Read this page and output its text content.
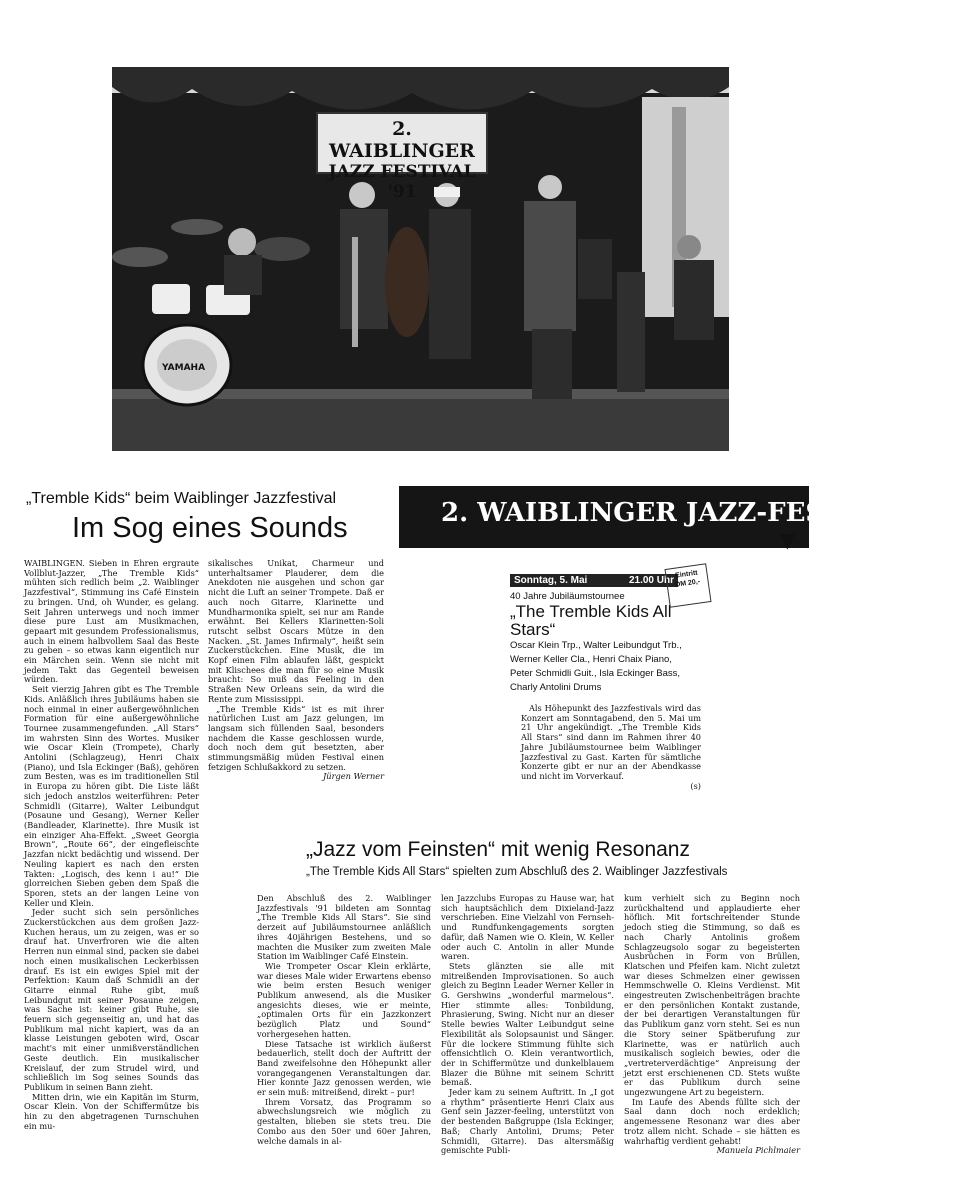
YAMAHA
2. WAIBLINGER
JAZZ FESTIVAL '91
„Tremble Kids“ beim Waiblinger Jazzfestival
Im Sog eines Sounds

WAIBLINGEN. Sieben in Ehren ergraute Vollblut-Jazzer, „The Tremble Kids“ mühten sich redlich beim „2. Waiblinger Jazzfestival“, Stimmung ins Café Einstein zu bringen. Und, oh Wunder, es gelang. Seit Jahren unterwegs und noch immer diese pure Lust am Musikmachen, gepaart mit gesundem Professionalismus, auch in einem halbvollem Saal das Beste zu geben – so etwas kann eigentlich nur ein Märchen sein. Wenn sie nicht mit jedem Takt das Gegenteil beweisen würden.

Seit vierzig Jahren gibt es The Tremble Kids. Anläßlich ihres Jubiläums haben sie noch einmal in einer außergewöhnlichen Formation für eine außergewöhnliche Tournee zusammengefunden. „All Stars“ im wahrsten Sinn des Wortes. Musiker wie Oscar Klein (Trompete), Charly Antolini (Schlagzeug), Henri Chaix (Piano), und Isla Eckinger (Baß), gehören zum Besten, was es im traditionellen Stil in Europa zu hören gibt. Die Liste läßt sich jedoch anstzlos weiterführen: Peter Schmidli (Gitarre), Walter Leibundgut (Posaune und Gesang), Werner Keller (Bandleader, Klarinette). Ihre Musik ist ein einziger Aha-Effekt. „Sweet Georgia Brown“, „Route 66“, der eingefleischte Jazzfan nickt bedächtig und wissend. Der Neuling kapiert es nach den ersten Takten: „Logisch, des kenn i au!“ Die glorreichen Sieben geben dem Spaß die Sporen, stets an der langen Leine von Keller und Klein.

Jeder sucht sich sein persönliches Zuckerstückchen aus dem großen Jazz-Kuchen heraus, um zu zeigen, was er so drauf hat. Unverfroren wie die alten Herren nun einmal sind, packen sie dabei noch einen musikalischen Leckerbissen drauf. Es ist ein ewiges Spiel mit der Perfektion: Kaum daß Schmidli an der Gitarre einmal Ruhe gibt, muß Leibundgut mit seiner Posaune zeigen, was Sache ist: keiner gibt Ruhe, sie feuern sich gegenseitig an, und hat das Publikum mal nicht kapiert, was da an klasse Leistungen geboten wird, Oscar macht's mit einer unmißverständlichen Geste deutlich. Ein musikalischer Kreislauf, der zum Strudel wird, und schließlich im Sog seines Sounds das Publikum in seinen Bann zieht.

Mitten drin, wie ein Kapitän im Sturm, Oscar Klein. Von der Schiffermütze bis hin zu den abgetragenen Turnschuhen ein mu-

sikalisches Unikat, Charmeur und unterhaltsamer Plauderer, dem die Anekdoten nie ausgehen und schon gar nicht die Luft an seiner Trompete. Daß er auch noch Gitarre, Klarinette und Mundharmonika spielt, sei nur am Rande erwähnt. Bei Kellers Klarinetten-Soli rutscht selbst Oscars Mütze in den Nacken. „St. James Infirmaly“, heißt sein Zuckerstückchen. Eine Musik, die im Kopf einen Film ablaufen läßt, gespickt mit Klischees die man für so eine Musik braucht: So muß das Feeling in den Straßen New Orleans sein, da wird die Rente zum Mississippi.

„The Tremble Kids“ ist es mit ihrer natürlichen Lust am Jazz gelungen, im langsam sich füllenden Saal, besonders nachdem die Kasse geschlossen wurde, doch noch dem gut besetzten, aber stimmungsmäßig müden Festival einen fetzigen Schlußakkord zu setzen.

Jürgen Werner
2. WAIBLINGER JAZZ-FESTIVAL '91
▼
Sonntag, 5. Mai	21.00 Uhr
40 Jahre Jubiläumstournee
„The Tremble Kids All Stars“
Oscar Klein Trp., Walter Leibundgut Trb.,
Werner Keller Cla., Henri Chaix Piano,
Peter Schmidli Guit., Isla Eckinger Bass,
Charly Antolini Drums
Eintritt
DM 20,-

Als Höhepunkt des Jazzfestivals wird das Konzert am Sonntagabend, den 5. Mai um 21 Uhr angekündigt. „The Tremble Kids All Stars“ sind dann im Rahmen ihrer 40 Jahre Jubiläumstournee beim Waiblinger Jazzfestival zu Gast. Karten für sämtliche Konzerte gibt er nur an der Abendkasse und nicht im Vorverkauf.

(s)
„Jazz vom Feinsten“ mit wenig Resonanz
„The Tremble Kids All Stars“ spielten zum Abschluß des 2. Waiblinger Jazzfestivals

Den Abschluß des 2. Waiblinger Jazzfestivals '91 bildeten am Sonntag „The Tremble Kids All Stars“. Sie sind derzeit auf Jubiläumstournee anläßlich ihres 40jährigen Bestehens, und so machten die Musiker zum zweiten Male Station im Waiblinger Café Einstein.

Wie Trompeter Oscar Klein erklärte, war dieses Male wider Erwartens ebenso wie beim ersten Besuch weniger Publikum anwesend, als die Musiker angesichts dieses, wie er meinte, „optimalen Orts für ein Jazzkonzert bezüglich Platz und Sound“ vorhergesehen hatten.

Diese Tatsache ist wirklich äußerst bedauerlich, stellt doch der Auftritt der Band zweifelsohne den Höhepunkt aller vorangegangenen Veranstaltungen dar. Hier konnte Jazz genossen werden, wie er sein muß: mitreißend, direkt – pur!

Ihrem Vorsatz, das Programm so abwechslungsreich wie möglich zu gestalten, blieben sie stets treu. Die Combo aus den 50er und 60er Jahren, welche damals in al-

len Jazzclubs Europas zu Hause war, hat sich hauptsächlich dem Dixieland-Jazz verschrieben. Eine Vielzahl von Fernseh- und Rundfunkengagements sorgten dafür, daß Namen wie O. Klein, W. Keller oder auch C. Antolin in aller Munde waren.

Stets glänzten sie alle mit mitreißenden Improvisationen. So auch gleich zu Beginn Leader Werner Keller in G. Gershwins „wonderful marmelous“. Hier stimmte alles: Tonbildung, Phrasierung, Swing. Nicht nur an dieser Stelle bewies Walter Leibundgut seine Flexibilität als Solopsaunist und Sänger. Für die lockere Stimmung fühlte sich offensichtlich O. Klein verantwortlich, der in Schiffermütze und dunkelblauem Blazer die Bühne mit seinem Schritt bemaß.

Jeder kam zu seinem Auftritt. In „I got a rhythm“ präsentierte Henri Claix aus Genf sein Jazzer-feeling, unterstützt von der bestenden Baßgruppe (Isla Eckinger, Baß; Charly Antolini, Drums; Peter Schmidli, Gitarre). Das altersmäßig gemischte Publi-

kum verhielt sich zu Beginn noch zurückhaltend und applaudierte eher höflich. Mit fortschreitender Stunde jedoch stieg die Stimmung, so daß es nach Charly Antolinis großem Schlagzeugsolo sogar zu begeisterten Ausbrüchen in Form von Brüllen, Klatschen und Pfeifen kam. Nicht zuletzt war dieses Schmelzen einer gewissen Hemmschwelle O. Kleins Verdienst. Mit eingestreuten Zwischenbeiträgen brachte er den persönlichen Kontakt zustande, der bei derartigen Veranstaltungen für das Publikum ganz vorn steht. Sei es nun die Story seiner Spätberufung zur Klarinette, was er natürlich auch musikalisch sogleich bewies, oder die „vertreterverdächtige“ Anpreisung der jetzt erst erschienenen CD. Stets wußte er das Publikum durch seine ungezwungene Art zu begeistern.

Im Laufe des Abends füllte sich der Saal dann doch noch erdeklich; angemessene Resonanz war dies aber trotz allem nicht. Schade – sie hätten es wahrhaftig verdient gehabt!

Manuela Pichlmaier
